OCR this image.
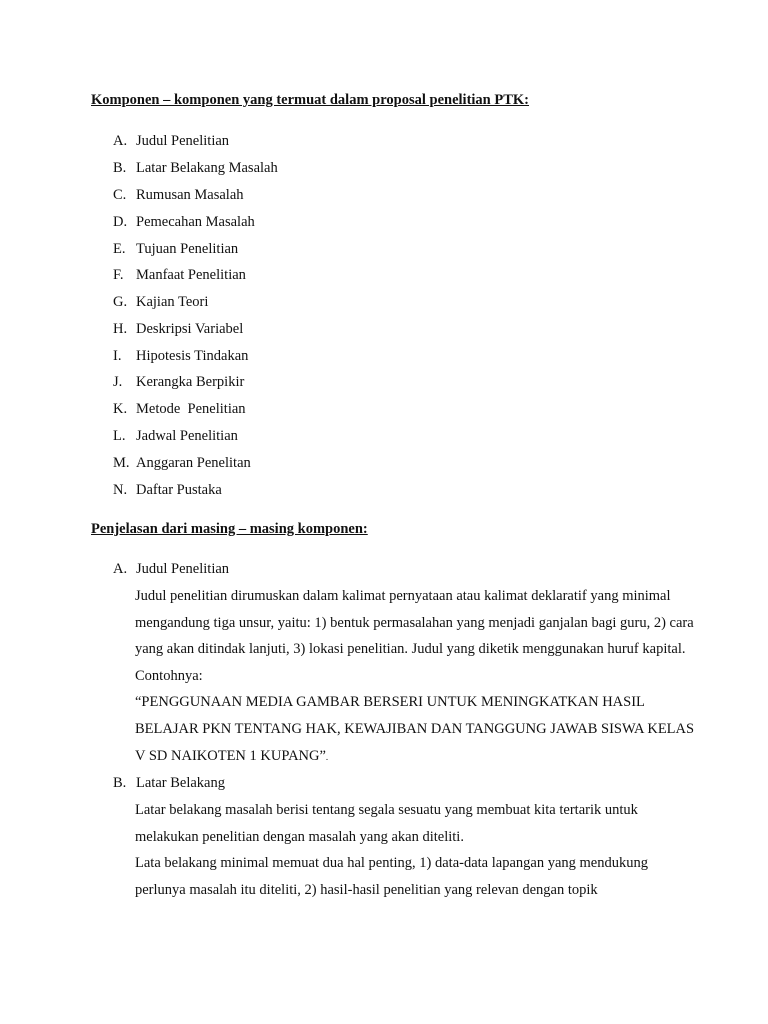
Komponen – komponen yang termuat dalam proposal penelitian PTK:
A. Judul Penelitian
B. Latar Belakang Masalah
C. Rumusan Masalah
D. Pemecahan Masalah
E. Tujuan Penelitian
F. Manfaat Penelitian
G. Kajian Teori
H. Deskripsi Variabel
I. Hipotesis Tindakan
J. Kerangka Berpikir
K. Metode  Penelitian
L. Jadwal Penelitian
M. Anggaran Penelitan
N. Daftar Pustaka
Penjelasan dari masing – masing komponen:
A. Judul Penelitian
Judul penelitian dirumuskan dalam kalimat pernyataan atau kalimat deklaratif yang minimal mengandung tiga unsur, yaitu: 1) bentuk permasalahan yang menjadi ganjalan bagi guru, 2) cara yang akan ditindak lanjuti, 3) lokasi penelitian. Judul yang diketik menggunakan huruf kapital. Contohnya:
“PENGGUNAAN MEDIA GAMBAR BERSERI UNTUK MENINGKATKAN HASIL BELAJAR PKN TENTANG HAK, KEWAJIBAN DAN TANGGUNG JAWAB SISWA KELAS V SD NAIKOTEN 1 KUPANG”.
B. Latar Belakang
Latar belakang masalah berisi tentang segala sesuatu yang membuat kita tertarik untuk melakukan penelitian dengan masalah yang akan diteliti.
Lata belakang minimal memuat dua hal penting, 1) data-data lapangan yang mendukung perlunya masalah itu diteliti, 2) hasil-hasil penelitian yang relevan dengan topik
